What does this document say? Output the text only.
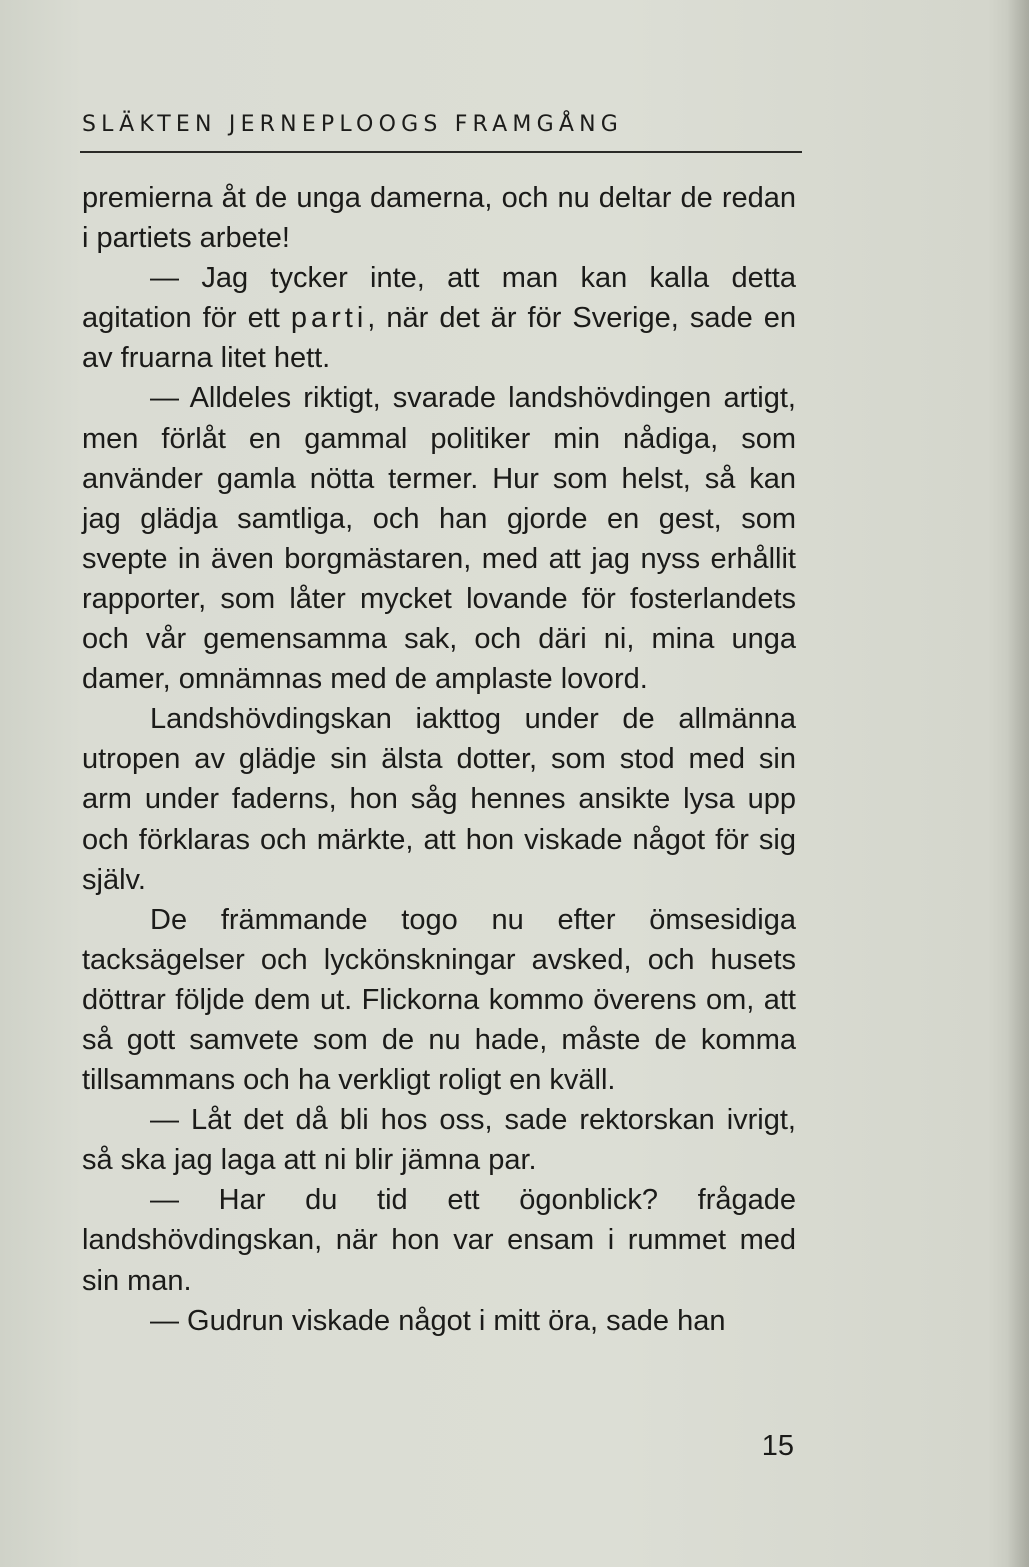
SLÄKTEN JERNEPLOOGS FRAMGÅNG

premierna åt de unga damerna, och nu deltar de redan i partiets arbete!

— Jag tycker inte, att man kan kalla detta agitation för ett parti, när det är för Sverige, sade en av fruarna litet hett.

— Alldeles riktigt, svarade landshövdingen artigt, men förlåt en gammal politiker min nådiga, som använder gamla nötta termer. Hur som helst, så kan jag glädja samtliga, och han gjorde en gest, som svepte in även borgmästaren, med att jag nyss erhållit rapporter, som låter mycket lovande för fosterlandets och vår gemensamma sak, och däri ni, mina unga damer, omnämnas med de amplaste lovord.

Landshövdingskan iakttog under de allmänna utropen av glädje sin älsta dotter, som stod med sin arm under faderns, hon såg hennes ansikte lysa upp och förklaras och märkte, att hon viskade något för sig själv.

De främmande togo nu efter ömsesidiga tacksägelser och lyckönskningar avsked, och husets döttrar följde dem ut. Flickorna kommo överens om, att så gott samvete som de nu hade, måste de komma tillsammans och ha verkligt roligt en kväll.

— Låt det då bli hos oss, sade rektorskan ivrigt, så ska jag laga att ni blir jämna par.

— Har du tid ett ögonblick? frågade landshövdingskan, när hon var ensam i rummet med sin man.

— Gudrun viskade något i mitt öra, sade han

15
